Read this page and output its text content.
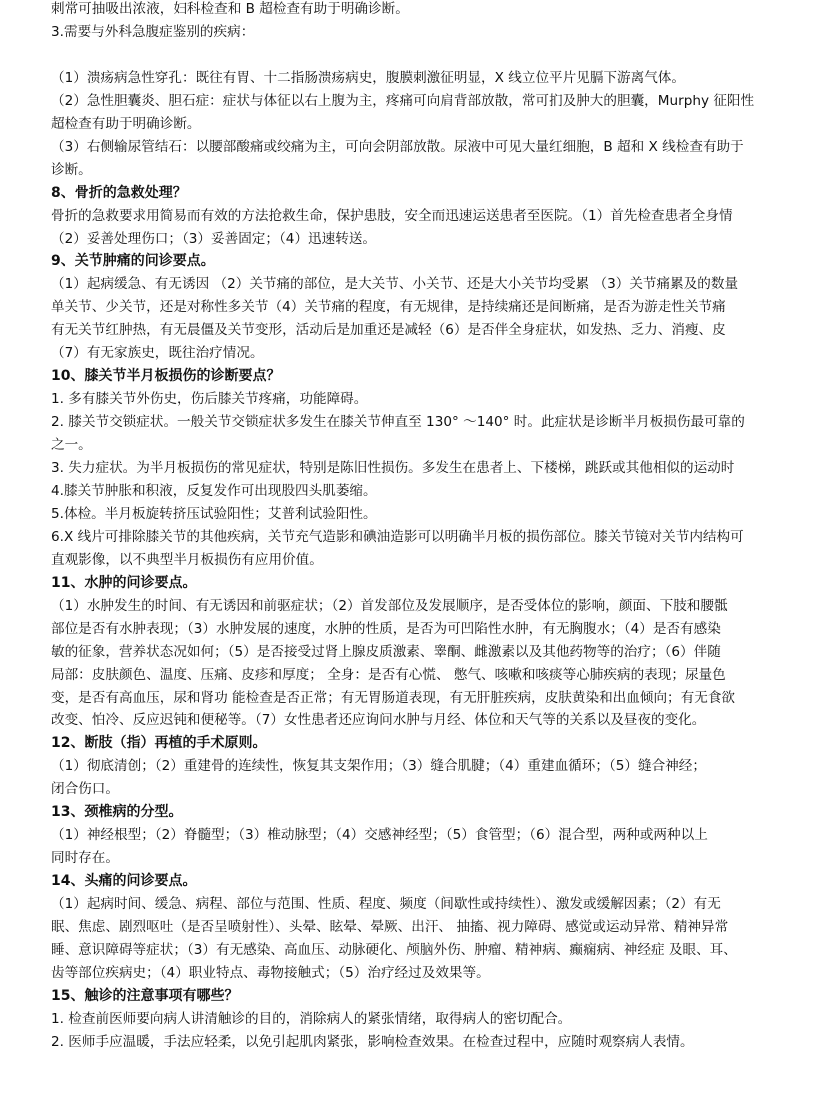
刺常可抽吸出浓液，妇科检查和 B 超检查有助于明确诊断。
3.需要与外科急腹症鉴别的疾病：
（1）溃疡病急性穿孔：既往有胃、十二指肠溃疡病史，腹膜刺激征明显，X 线立位平片见膈下游离气体。
（2）急性胆囊炎、胆石症：症状与体征以右上腹为主，疼痛可向肩背部放散，常可扪及肿大的胆囊，Murphy 征阳性
超检查有助于明确诊断。
（3）右侧输尿管结石：以腰部酸痛或绞痛为主，可向会阴部放散。尿液中可见大量红细胞，B 超和 X 线检查有助于
诊断。
8、骨折的急救处理？
骨折的急救要求用简易而有效的方法抢救生命，保护患肢，安全而迅速运送患者至医院。（1）首先检查患者全身情
（2）妥善处理伤口；（3）妥善固定；（4）迅速转送。
9、关节肿痛的问诊要点。
（1）起病缓急、有无诱因 （2）关节痛的部位，是大关节、小关节、还是大小关节均受累 （3）关节痛累及的数量
单关节、少关节，还是对称性多关节（4）关节痛的程度，有无规律，是持续痛还是间断痛，是否为游走性关节痛
有无关节红肿热，有无晨僵及关节变形，活动后是加重还是减轻（6）是否伴全身症状，如发热、乏力、消瘦、皮
（7）有无家族史，既往治疗情况。
10、膝关节半月板损伤的诊断要点？
1. 多有膝关节外伤史，伤后膝关节疼痛，功能障碍。
2. 膝关节交锁症状。一般关节交锁症状多发生在膝关节伸直至 130° ～140° 时。此症状是诊断半月板损伤最可靠的
之一。
3. 失力症状。为半月板损伤的常见症状，特别是陈旧性损伤。多发生在患者上、下楼梯，跳跃或其他相似的运动时
4.膝关节肿胀和积液，反复发作可出现股四头肌萎缩。
5.体检。半月板旋转挤压试验阳性；艾普利试验阳性。
6.X 线片可排除膝关节的其他疾病，关节充气造影和碘油造影可以明确半月板的损伤部位。膝关节镜对关节内结构可
直观影像，以不典型半月板损伤有应用价值。
11、水肿的问诊要点。
（1）水肿发生的时间、有无诱因和前驱症状；（2）首发部位及发展顺序，是否受体位的影响，颜面、下肢和腰骶
部位是否有水肿表现；（3）水肿发展的速度，水肿的性质，是否为可凹陷性水肿，有无胸腹水；（4）是否有感染
敏的征象，营养状态况如何；（5）是否接受过肾上腺皮质激素、睾酮、雌激素以及其他药物等的治疗；（6）伴随
局部：皮肤颜色、温度、压痛、皮疹和厚度； 全身：是否有心慌、 憋气、咳嗽和咳痰等心肺疾病的表现；尿量色
变，是否有高血压，尿和肾功 能检查是否正常；有无胃肠道表现，有无肝脏疾病，皮肤黄染和出血倾向；有无食欲
改变、怕冷、反应迟钝和便秘等。（7）女性患者还应询问水肿与月经、体位和天气等的关系以及昼夜的变化。
12、断肢（指）再植的手术原则。
（1）彻底清创；（2）重建骨的连续性，恢复其支架作用；（3）缝合肌腱；（4）重建血循环；（5）缝合神经；
闭合伤口。
13、颈椎病的分型。
（1）神经根型；（2）脊髓型；（3）椎动脉型；（4）交感神经型；（5）食管型；（6）混合型，两种或两种以上
同时存在。
14、头痛的问诊要点。
（1）起病时间、缓急、病程、部位与范围、性质、程度、频度（间歇性或持续性）、激发或缓解因素；（2）有无
眠、焦虑、剧烈呕吐（是否呈喷射性）、头晕、眩晕、晕厥、出汗、 抽搐、视力障碍、感觉或运动异常、精神异常
睡、意识障碍等症状；（3）有无感染、高血压、动脉硬化、颅脑外伤、肿瘤、精神病、癫痫病、神经症 及眼、耳、
齿等部位疾病史；（4）职业特点、毒物接触式；（5）治疗经过及效果等。
15、触诊的注意事项有哪些？
1. 检查前医师要向病人讲清触诊的目的，消除病人的紧张情绪，取得病人的密切配合。
2. 医师手应温暖，手法应轻柔，以免引起肌肉紧张，影响检查效果。在检查过程中，应随时观察病人表情。
